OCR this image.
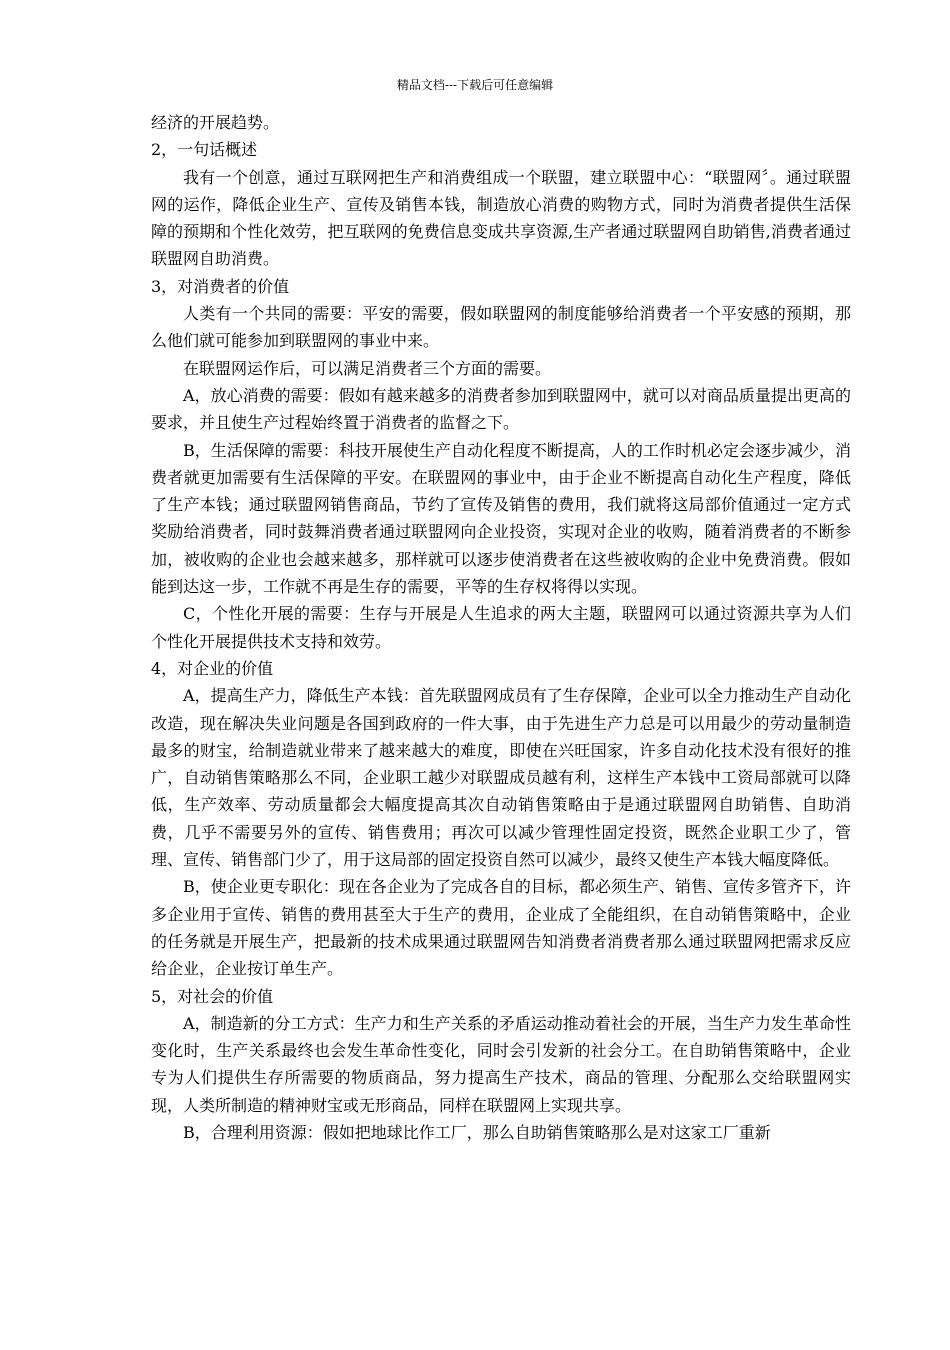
精品文档---下载后可任意编辑

经济的开展趋势。

2，一句话概述

我有一个创意，通过互联网把生产和消费组成一个联盟，建立联盟中心：“联盟网〞。通过联盟网的运作，降低企业生产、宣传及销售本钱，制造放心消费的购物方式，同时为消费者提供生活保障的预期和个性化效劳，把互联网的免费信息变成共享资源,生产者通过联盟网自助销售,消费者通过联盟网自助消费。

3，对消费者的价值

人类有一个共同的需要：平安的需要，假如联盟网的制度能够给消费者一个平安感的预期，那么他们就可能参加到联盟网的事业中来。

在联盟网运作后，可以满足消费者三个方面的需要。

A，放心消费的需要：假如有越来越多的消费者参加到联盟网中，就可以对商品质量提出更高的要求，并且使生产过程始终置于消费者的监督之下。

B，生活保障的需要：科技开展使生产自动化程度不断提高，人的工作时机必定会逐步减少，消费者就更加需要有生活保障的平安。在联盟网的事业中，由于企业不断提高自动化生产程度，降低了生产本钱；通过联盟网销售商品，节约了宣传及销售的费用，我们就将这局部价值通过一定方式奖励给消费者，同时鼓舞消费者通过联盟网向企业投资，实现对企业的收购，随着消费者的不断参加，被收购的企业也会越来越多，那样就可以逐步使消费者在这些被收购的企业中免费消费。假如能到达这一步，工作就不再是生存的需要，平等的生存权将得以实现。

C，个性化开展的需要：生存与开展是人生追求的两大主题，联盟网可以通过资源共享为人们个性化开展提供技术支持和效劳。

4，对企业的价值

A，提高生产力，降低生产本钱：首先联盟网成员有了生存保障，企业可以全力推动生产自动化改造，现在解决失业问题是各国到政府的一件大事，由于先进生产力总是可以用最少的劳动量制造最多的财宝，给制造就业带来了越来越大的难度，即使在兴旺国家，许多自动化技术没有很好的推广，自动销售策略那么不同，企业职工越少对联盟成员越有利，这样生产本钱中工资局部就可以降低，生产效率、劳动质量都会大幅度提高其次自动销售策略由于是通过联盟网自助销售、自助消费，几乎不需要另外的宣传、销售费用；再次可以减少管理性固定投资，既然企业职工少了，管理、宣传、销售部门少了，用于这局部的固定投资自然可以减少，最终又使生产本钱大幅度降低。

B，使企业更专职化：现在各企业为了完成各自的目标，都必须生产、销售、宣传多管齐下，许多企业用于宣传、销售的费用甚至大于生产的费用，企业成了全能组织，在自动销售策略中，企业的任务就是开展生产，把最新的技术成果通过联盟网告知消费者消费者那么通过联盟网把需求反应给企业，企业按订单生产。

5，对社会的价值

A，制造新的分工方式：生产力和生产关系的矛盾运动推动着社会的开展，当生产力发生革命性变化时，生产关系最终也会发生革命性变化，同时会引发新的社会分工。在自助销售策略中，企业专为人们提供生存所需要的物质商品，努力提高生产技术，商品的管理、分配那么交给联盟网实现，人类所制造的精神财宝或无形商品，同样在联盟网上实现共享。

B，合理利用资源：假如把地球比作工厂，那么自助销售策略那么是对这家工厂重新
